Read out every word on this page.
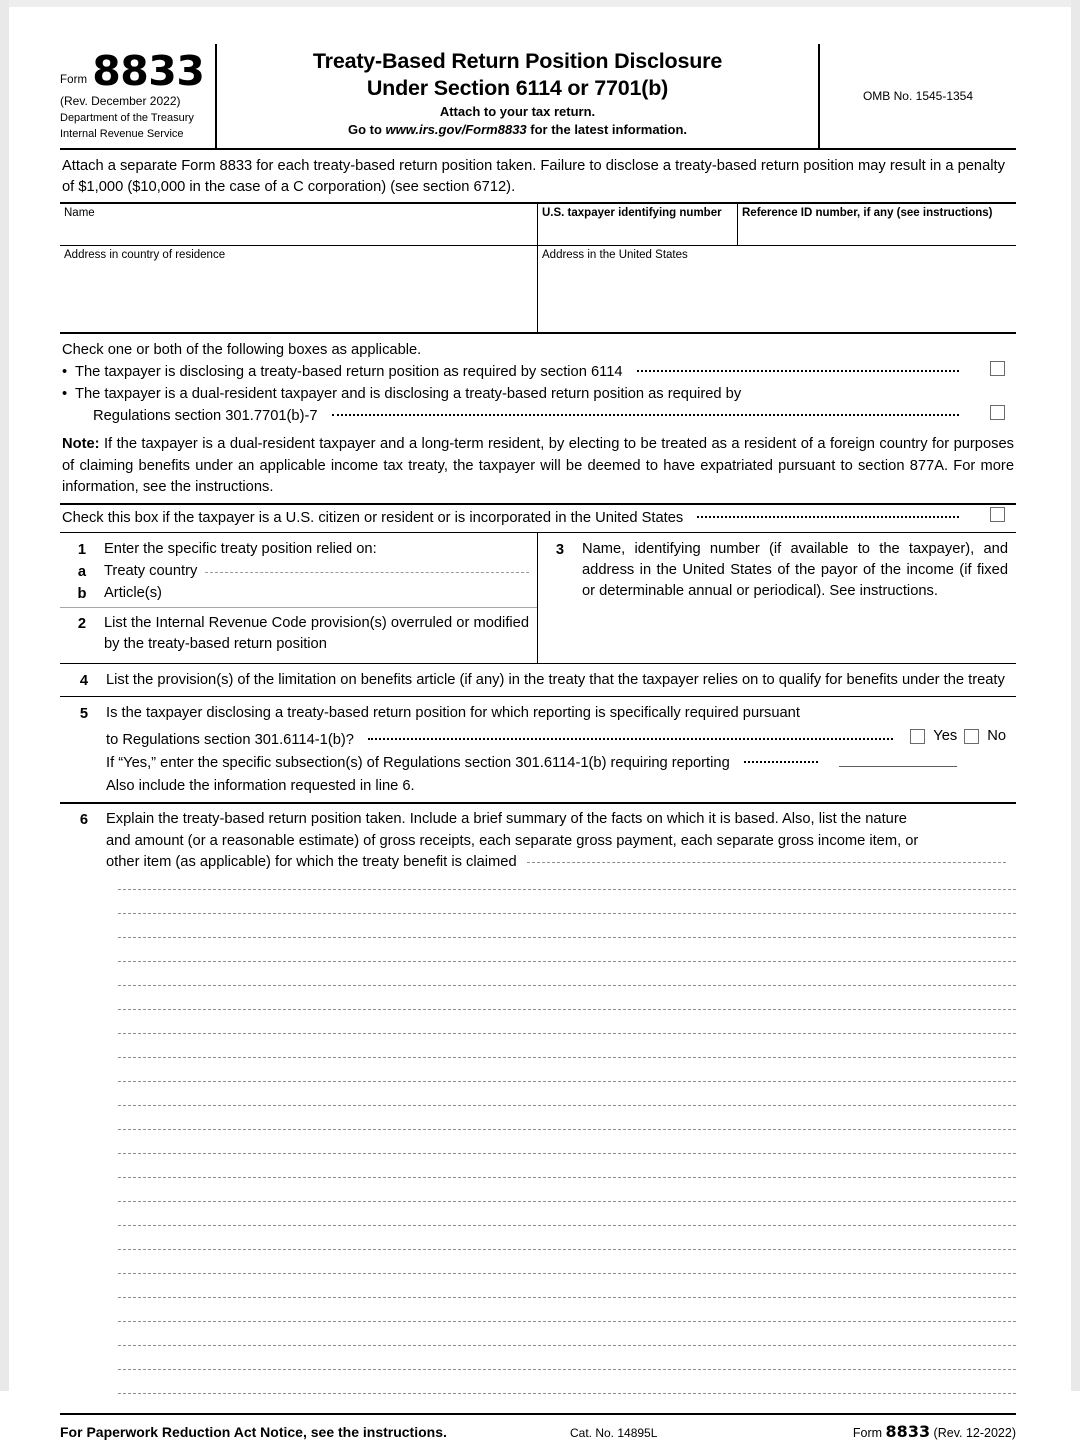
Form 8833
(Rev. December 2022)
Department of the Treasury
Internal Revenue Service
Treaty-Based Return Position Disclosure
Under Section 6114 or 7701(b)
Attach to your tax return.
Go to www.irs.gov/Form8833 for the latest information.
OMB No. 1545-1354
Attach a separate Form 8833 for each treaty-based return position taken. Failure to disclose a treaty-based return position may result in a penalty of $1,000 ($10,000 in the case of a C corporation) (see section 6712).
Name	U.S. taxpayer identifying number	Reference ID number, if any (see instructions)
Address in country of residence	Address in the United States
Check one or both of the following boxes as applicable.
• The taxpayer is disclosing a treaty-based return position as required by section 6114
• The taxpayer is a dual-resident taxpayer and is disclosing a treaty-based return position as required by
Regulations section 301.7701(b)-7
Note: If the taxpayer is a dual-resident taxpayer and a long-term resident, by electing to be treated as a resident of a foreign country for purposes of claiming benefits under an applicable income tax treaty, the taxpayer will be deemed to have expatriated pursuant to section 877A. For more information, see the instructions.
Check this box if the taxpayer is a U.S. citizen or resident or is incorporated in the United States
1	Enter the specific treaty position relied on:
a	Treaty country
b	Article(s)
2	List the Internal Revenue Code provision(s) overruled or modified by the treaty-based return position
3	Name, identifying number (if available to the taxpayer), and address in the United States of the payor of the income (if fixed or determinable annual or periodical). See instructions.
4	List the provision(s) of the limitation on benefits article (if any) in the treaty that the taxpayer relies on to qualify for benefits under the treaty
5	Is the taxpayer disclosing a treaty-based return position for which reporting is specifically required pursuant
to Regulations section 301.6114-1(b)?	Yes No
If “Yes,” enter the specific subsection(s) of Regulations section 301.6114-1(b) requiring reporting
Also include the information requested in line 6.
6	Explain the treaty-based return position taken. Include a brief summary of the facts on which it is based. Also, list the nature
and amount (or a reasonable estimate) of gross receipts, each separate gross payment, each separate gross income item, or
other item (as applicable) for which the treaty benefit is claimed
For Paperwork Reduction Act Notice, see the instructions.	Cat. No. 14895L	Form 8833 (Rev. 12-2022)
